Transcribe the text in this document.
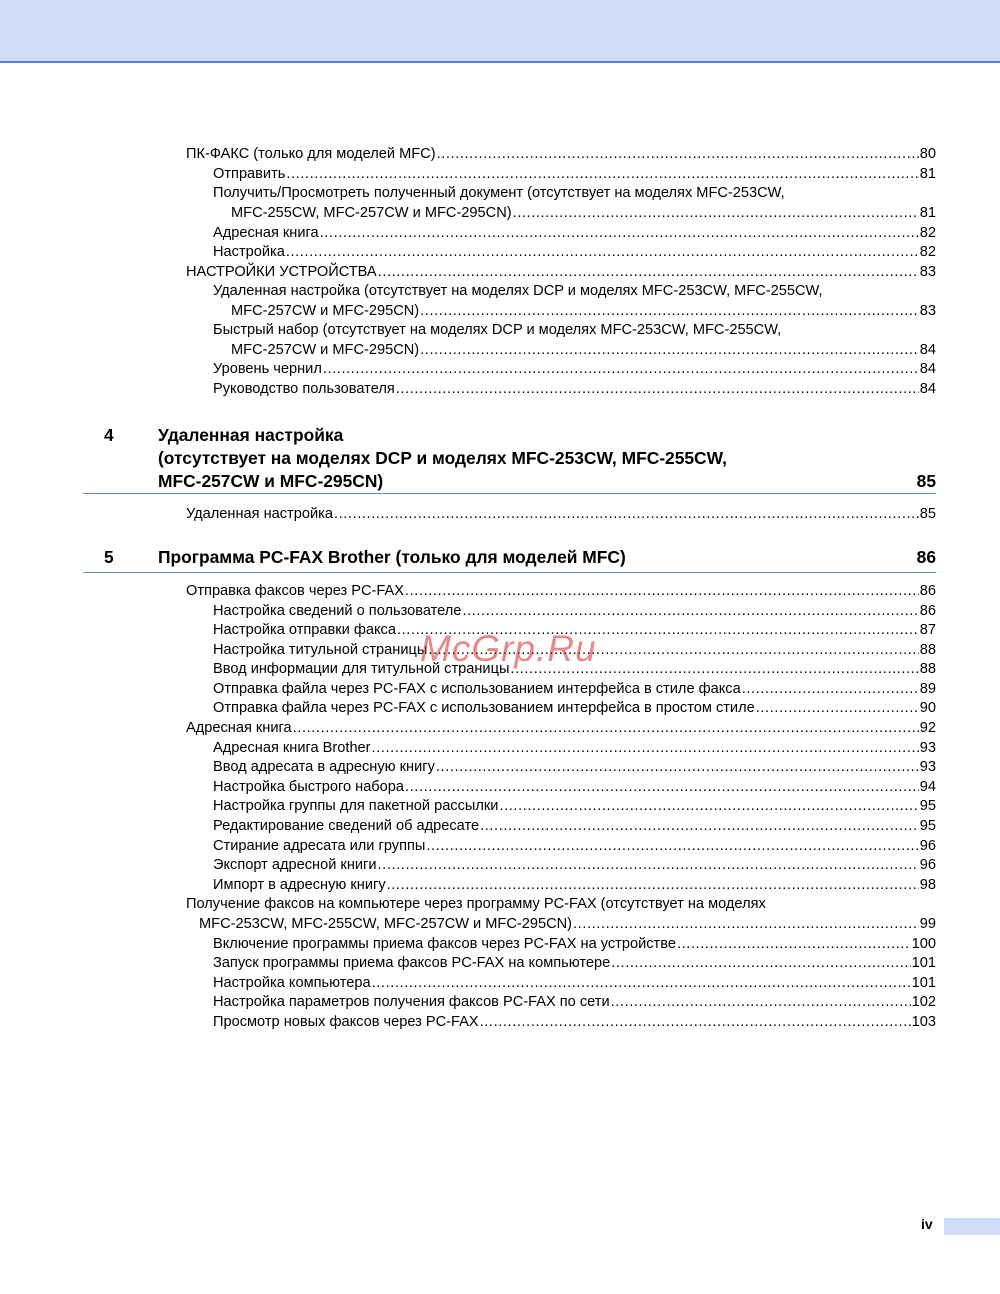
ПК-ФАКС (только для моделей MFC) .....	80
Отправить .....	81
Получить/Просмотреть полученный документ (отсутствует на моделях MFC-253CW,
MFC-255CW, MFC-257CW и MFC-295CN) .....	81
Адресная книга .....	82
Настройка .....	82
НАСТРОЙКИ УСТРОЙСТВА .....	83
Удаленная настройка (отсутствует на моделях DCP и моделях MFC-253CW, MFC-255CW,
MFC-257CW и MFC-295CN) .....	83
Быстрый набор (отсутствует на моделях DCP и моделях MFC-253CW, MFC-255CW,
MFC-257CW и MFC-295CN) .....	84
Уровень чернил .....	84
Руководство пользователя .....	84
4	Удаленная настройка
(отсутствует на моделях DCP и моделях MFC-253CW, MFC-255CW,
MFC-257CW и MFC-295CN)	85
Удаленная настройка .....	85
5	Программа PC-FAX Brother (только для моделей MFC)	86
Отправка факсов через PC-FAX .....	86
Настройка сведений о пользователе .....	86
Настройка отправки факса .....	87
Настройка титульной страницы .....	88
Ввод информации для титульной страницы .....	88
Отправка файла через PC-FAX с использованием интерфейса в стиле факса .....	89
Отправка файла через PC-FAX с использованием интерфейса в простом стиле .....	90
Адресная книга .....	92
Адресная книга Brother .....	93
Ввод адресата в адресную книгу .....	93
Настройка быстрого набора .....	94
Настройка группы для пакетной рассылки .....	95
Редактирование сведений об адресате .....	95
Стирание адресата или группы .....	96
Экспорт адресной книги .....	96
Импорт в адресную книгу .....	98
Получение факсов на компьютере через программу PC-FAX (отсутствует на моделях
MFC-253CW, MFC-255CW, MFC-257CW и MFC-295CN) .....	99
Включение программы приема факсов через PC-FAX на устройстве .....	100
Запуск программы приема факсов PC-FAX на компьютере .....	101
Настройка компьютера .....	101
Настройка параметров получения факсов PC-FAX по сети .....	102
Просмотр новых факсов через PC-FAX .....	103
McGrp.Ru
iv
